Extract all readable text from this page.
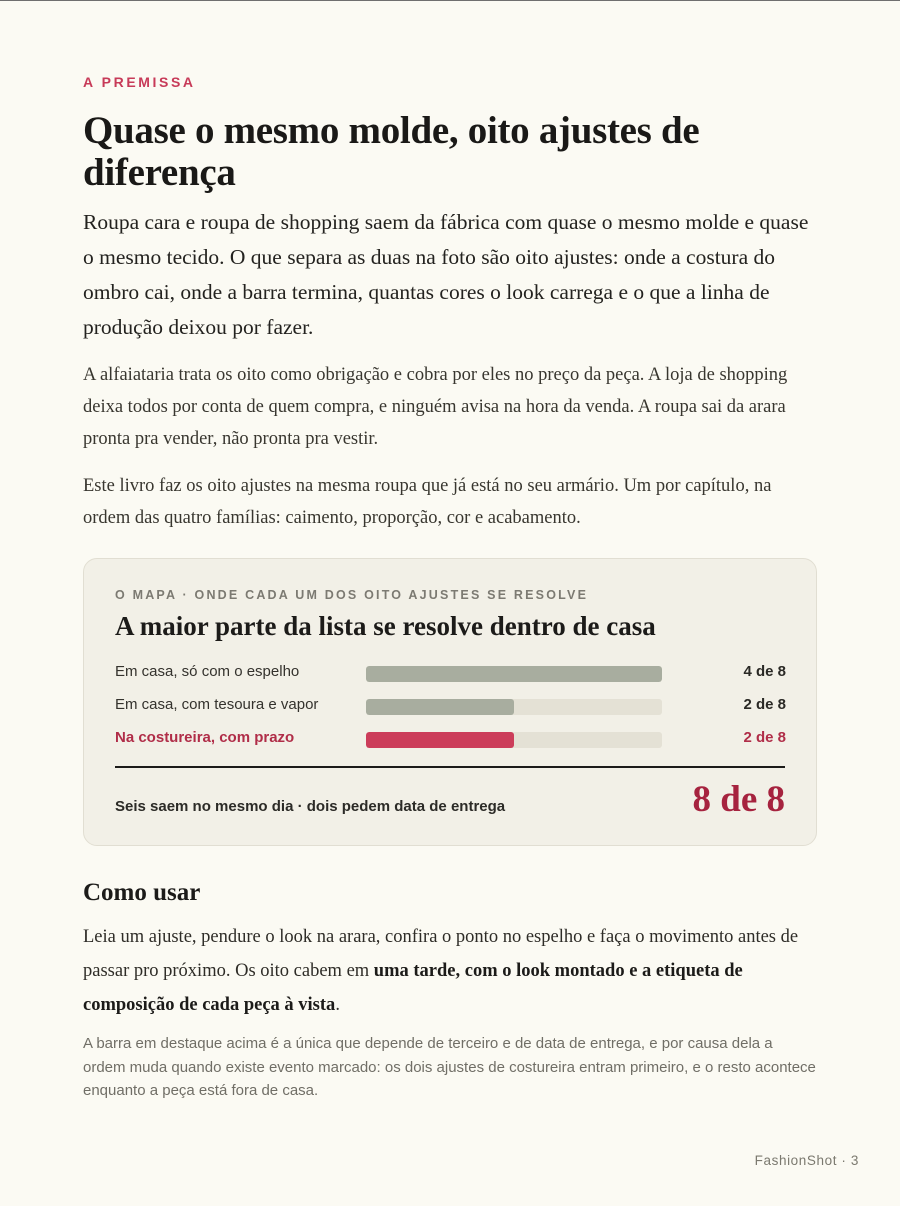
A PREMISSA
Quase o mesmo molde, oito ajustes de diferença

Roupa cara e roupa de shopping saem da fábrica com quase o mesmo molde e quase o mesmo tecido. O que separa as duas na foto são oito ajustes: onde a costura do ombro cai, onde a barra termina, quantas cores o look carrega e o que a linha de produção deixou por fazer.

A alfaiataria trata os oito como obrigação e cobra por eles no preço da peça. A loja de shopping deixa todos por conta de quem compra, e ninguém avisa na hora da venda. A roupa sai da arara pronta pra vender, não pronta pra vestir.

Este livro faz os oito ajustes na mesma roupa que já está no seu armário. Um por capítulo, na ordem das quatro famílias: caimento, proporção, cor e acabamento.

O MAPA · ONDE CADA UM DOS OITO AJUSTES SE RESOLVE
A maior parte da lista se resolve dentro de casa
Em casa, só com o espelho	4 de 8
Em casa, com tesoura e vapor	2 de 8
Na costureira, com prazo	2 de 8
Seis saem no mesmo dia · dois pedem data de entrega	8 de 8
Como usar

Leia um ajuste, pendure o look na arara, confira o ponto no espelho e faça o movimento antes de passar pro próximo. Os oito cabem em uma tarde, com o look montado e a etiqueta de composição de cada peça à vista.

A barra em destaque acima é a única que depende de terceiro e de data de entrega, e por causa dela a ordem muda quando existe evento marcado: os dois ajustes de costureira entram primeiro, e o resto acontece enquanto a peça está fora de casa.

FashionShot · 3
